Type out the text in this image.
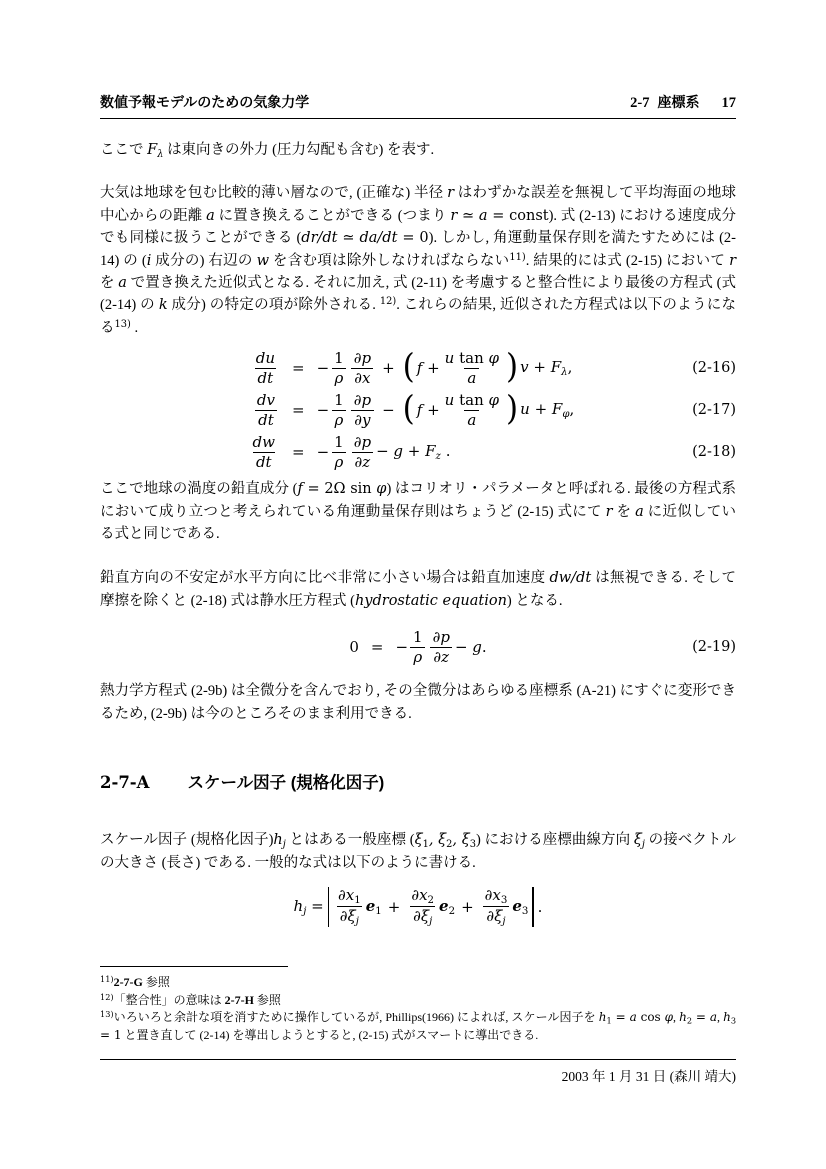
数値予報モデルのための気象力学	2-7 座標系 17

ここで $F_\lambda$ は東向きの外力 (圧力勾配も含む) を表す.

大気は地球を包む比較的薄い層なので, (正確な) 半径 r はわずかな誤差を無視して平均海面の地球中心からの距離 a に置き換えることができる (つまり r ≃ a = const). 式 (2-13) における速度成分でも同様に扱うことができる (dr/dt ≃ da/dt = 0). しかし, 角運動量保存則を満たすためには (2-14) の (i 成分の) 右辺の w を含む項は除外しなければならない$^{11)}$. 結果的には式 (2-15) において r を a で置き換えた近似式となる. それに加え, 式 (2-11) を考慮すると整合性により最後の方程式 (式 (2-14) の k 成分) の特定の項が除外される. $^{12)}$. これらの結果, 近似された方程式は以下のようになる$^{13)}$ .

$\frac{du}{dt}$ = − $\frac{1}{\rho} \frac{\partial p}{\partial x}$ + ( $f + \frac{\text{u tan φ}}{a}$ ) $v + F_\lambda$,	(2-16)
$\frac{dv}{dt}$ = − $\frac{1}{\rho} \frac{\partial p}{\partial y}$ − ( $f + \frac{\text{u tan φ}}{a}$ ) $u + F_\varphi$,	(2-17)
$\frac{dw}{dt}$ = − $\frac{1}{\rho} \frac{\partial p}{\partial z} - g + F_z$ .	(2-18)

ここで地球の渦度の鉛直成分 (f = 2Ω sin φ) はコリオリ・パラメータと呼ばれる. 最後の方程式系において成り立つと考えられている角運動量保存則はちょうど (2-15) 式にて r を a に近似している式と同じである.

鉛直方向の不安定が水平方向に比べ非常に小さい場合は鉛直加速度 dw/dt は無視できる. そして摩擦を除くと (2-18) 式は静水圧方程式 (hydrostatic equation) となる.

0 = − $\frac{1}{\rho} \frac{\partial p}{\partial z} - g$.	(2-19)

熱力学方程式 (2-9b) は全微分を含んでおり, その全微分はあらゆる座標系 (A-21) にすぐに変形できるため, (2-9b) は今のところそのまま利用できる.

2-7-A スケール因子 (規格化因子)

スケール因子 (規格化因子)$h_j$ とはある一般座標 ($\xi_1$, $\xi_2$, $\xi_3$) における座標曲線方向 $\xi_j$ の接ベクトルの大きさ (長さ) である. 一般的な式は以下のように書ける.

$h_j = \frac{\partial x_1}{\partial\xi_j} e_1 + \frac{\partial x_2}{\partial\xi_j} e_2 + \frac{\partial x_3}{\partial\xi_j} e_3$ .
$^{11)}$2-7-G 参照
$^{12)}$「整合性」の意味は 2-7-H 参照
$^{13)}$いろいろと余計な項を消すために操作しているが, Phillips(1966) によれば, スケール因子を $h_1 = a$ cos φ, $h_2 = a$, $h_3 = 1$ と置き直して (2-14) を導出しようとすると, (2-15) 式がスマートに導出できる.
2003 年 1 月 31 日 (森川 靖大)
